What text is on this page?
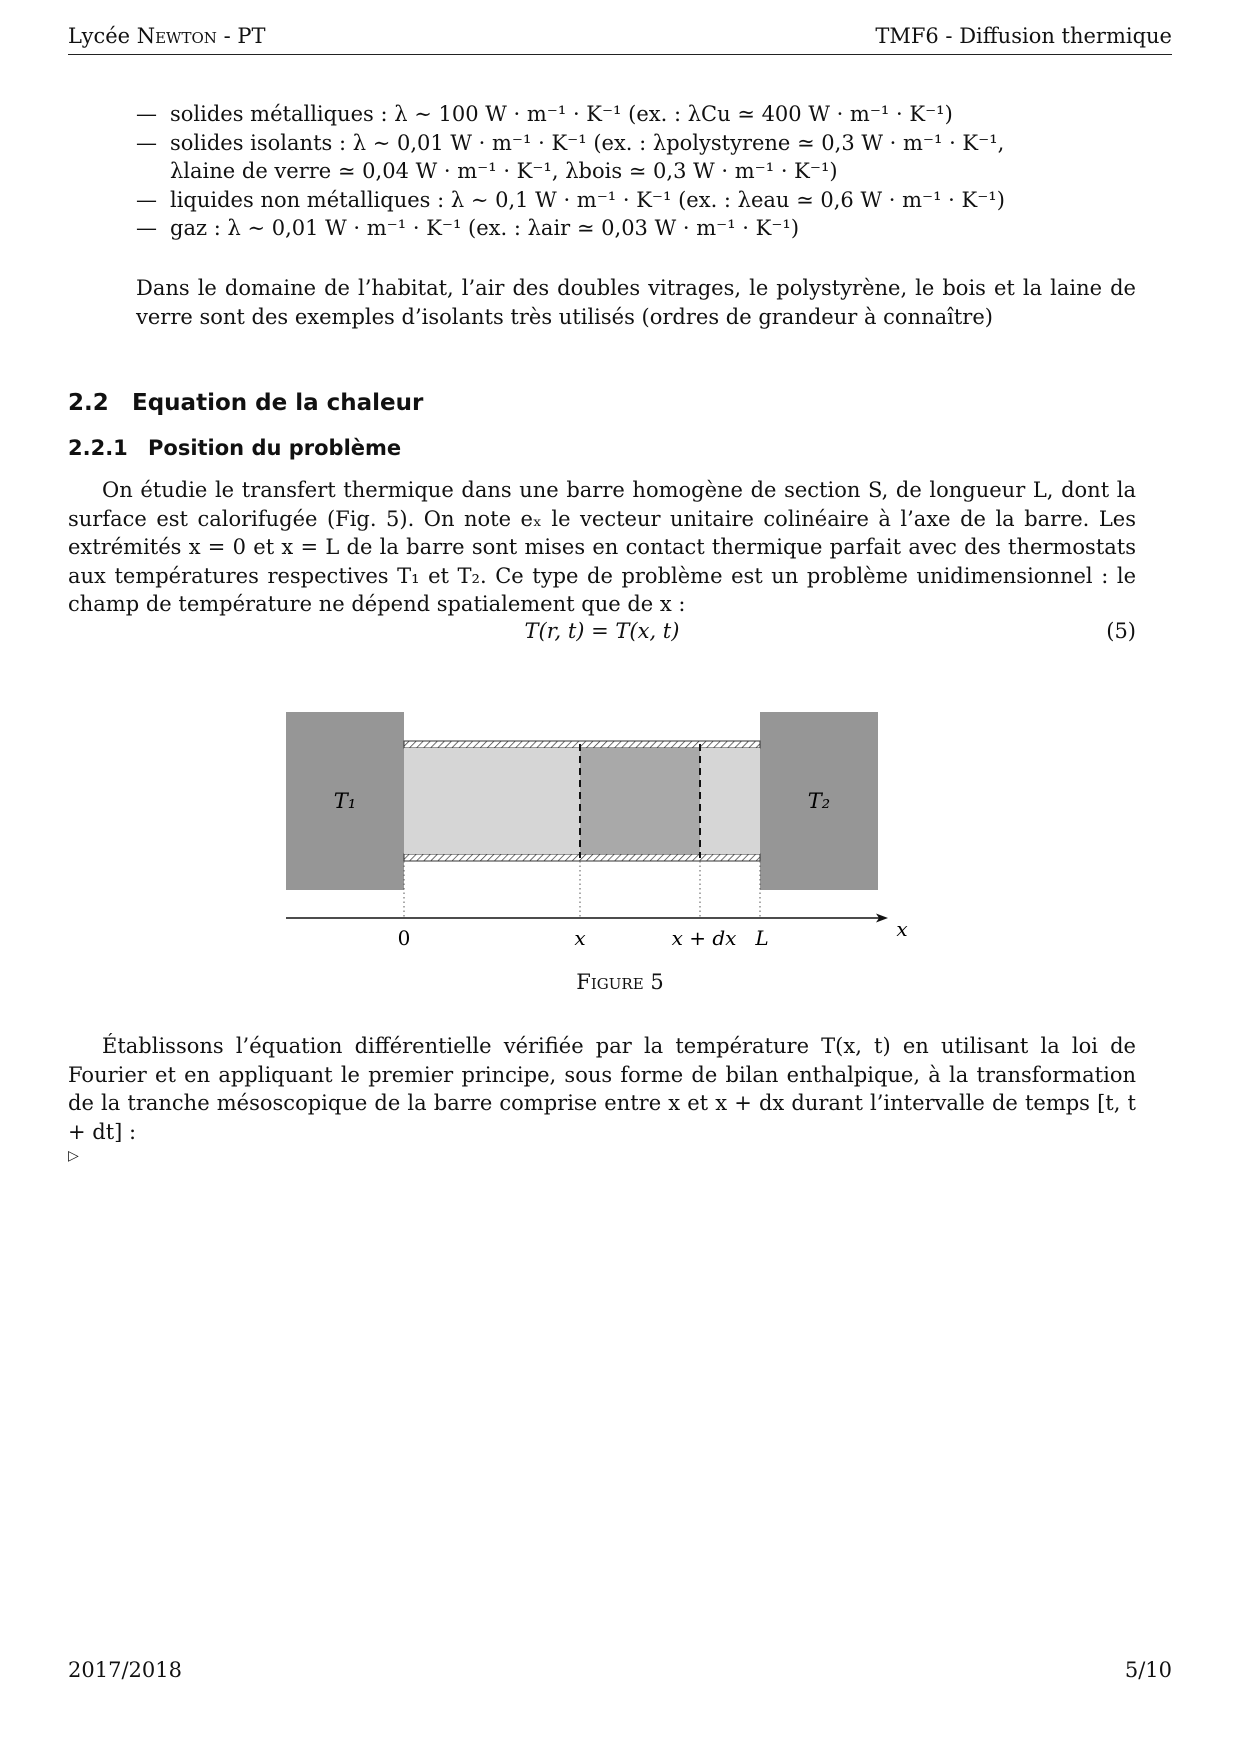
Lycée Newton - PT	TMF6 - Diffusion thermique
— solides métalliques : λ ∼ 100 W · m⁻¹ · K⁻¹ (ex. : λCu ≃ 400 W · m⁻¹ · K⁻¹)
— solides isolants : λ ∼ 0,01 W · m⁻¹ · K⁻¹ (ex. : λpolystyrene ≃ 0,3 W · m⁻¹ · K⁻¹,
λlaine de verre ≃ 0,04 W · m⁻¹ · K⁻¹, λbois ≃ 0,3 W · m⁻¹ · K⁻¹)
— liquides non métalliques : λ ∼ 0,1 W · m⁻¹ · K⁻¹ (ex. : λeau ≃ 0,6 W · m⁻¹ · K⁻¹)
— gaz : λ ∼ 0,01 W · m⁻¹ · K⁻¹ (ex. : λair ≃ 0,03 W · m⁻¹ · K⁻¹)
Dans le domaine de l’habitat, l’air des doubles vitrages, le polystyrène, le bois et la laine de verre sont des exemples d’isolants très utilisés (ordres de grandeur à connaître)
2.2 Equation de la chaleur
2.2.1 Position du problème
On étudie le transfert thermique dans une barre homogène de section S, de longueur L, dont la surface est calorifugée (Fig. 5). On note eₓ le vecteur unitaire colinéaire à l’axe de la barre. Les extrémités x = 0 et x = L de la barre sont mises en contact thermique parfait avec des thermostats aux températures respectives T₁ et T₂. Ce type de problème est un problème unidimensionnel : le champ de température ne dépend spatialement que de x :
T(r, t) = T(x, t)	(5)
T₁	T₂
0	x	x + dx L	x
Figure 5
Établissons l’équation différentielle vérifiée par la température T(x, t) en utilisant la loi de Fourier et en appliquant le premier principe, sous forme de bilan enthalpique, à la transformation de la tranche mésoscopique de la barre comprise entre x et x + dx durant l’intervalle de temps [t, t + dt] :
▷
2017/2018	5/10
